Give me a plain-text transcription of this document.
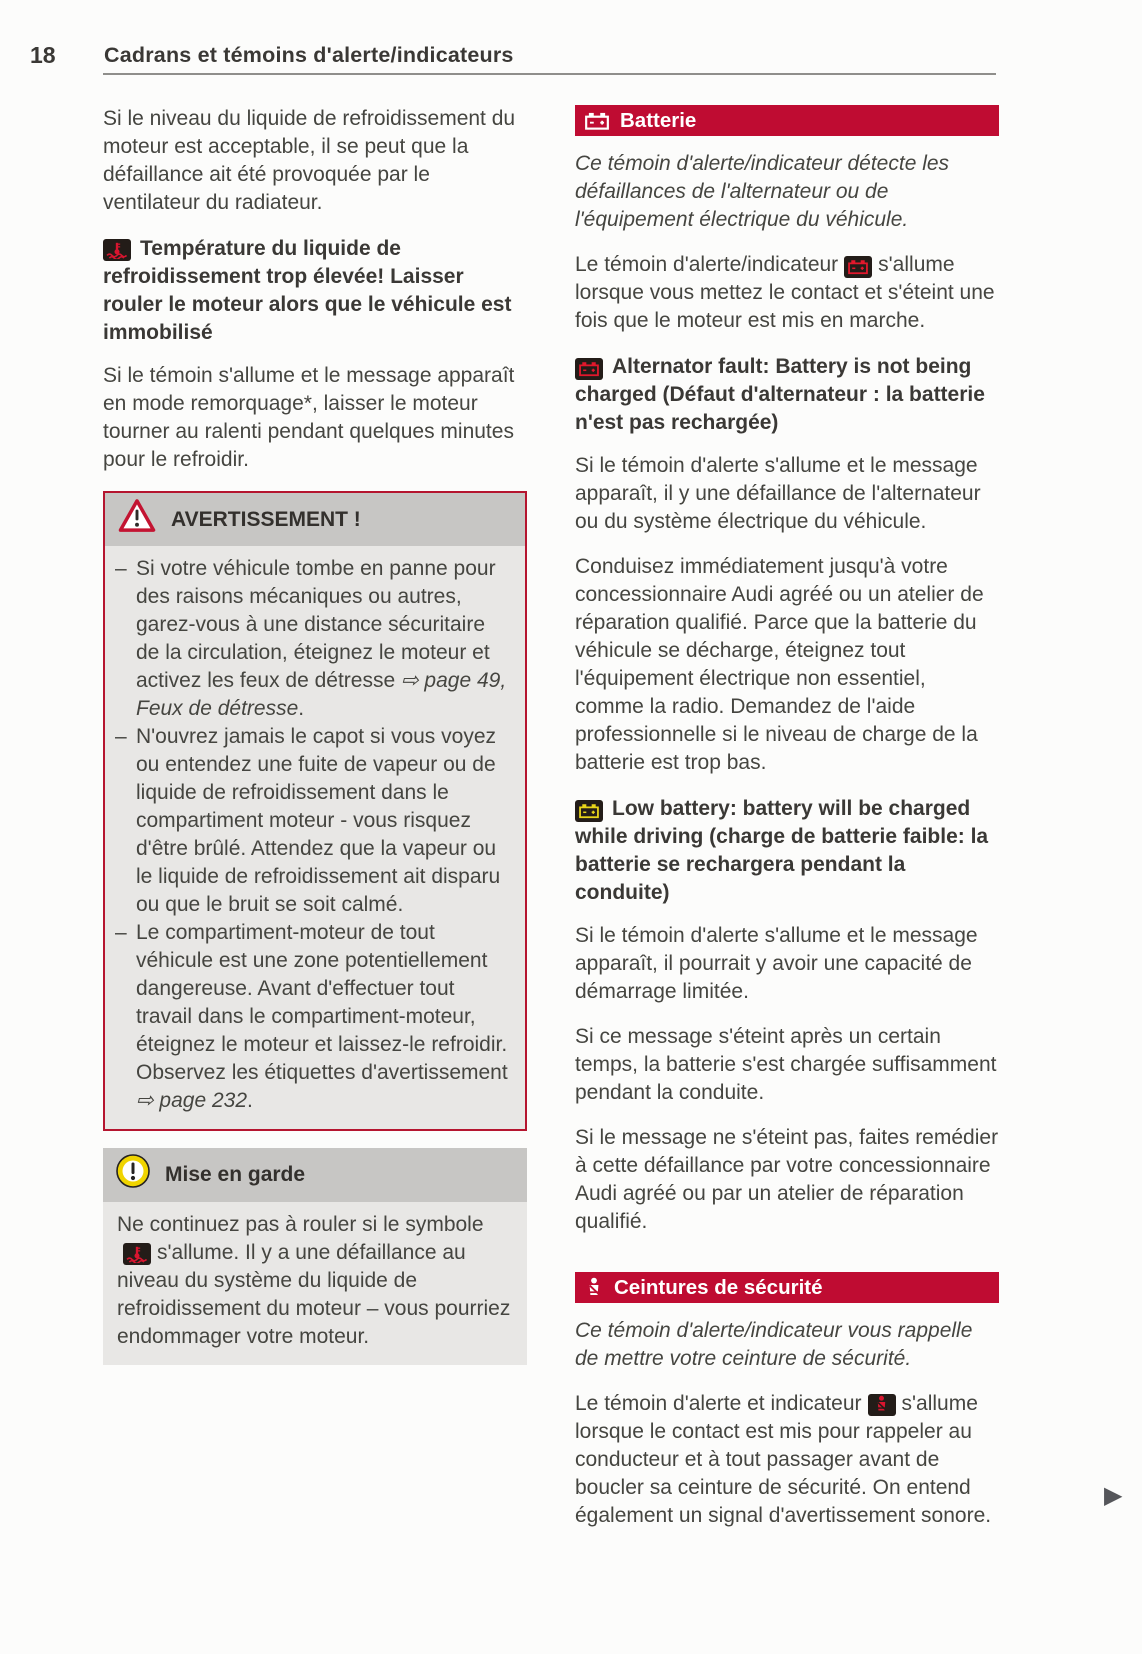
18 Cadrans et témoins d'alerte/indicateurs

Si le niveau du liquide de refroidissement du moteur est acceptable, il se peut que la défaillance ait été provoquée par le ventilateur du radiateur.

Température du liquide de refroidissement trop élevée! Laisser rouler le moteur alors que le véhicule est immobilisé

Si le témoin s'allume et le message apparaît en mode remorquage*, laisser le moteur tourner au ralenti pendant quelques minutes pour le refroidir.

AVERTISSEMENT !
– Si votre véhicule tombe en panne pour des raisons mécaniques ou autres, garez-vous à une distance sécuritaire de la circulation, éteignez le moteur et activez les feux de détresse ⇨ page 49, Feux de détresse.
– N'ouvrez jamais le capot si vous voyez ou entendez une fuite de vapeur ou de liquide de refroidissement dans le compartiment moteur - vous risquez d'être brûlé. Attendez que la vapeur ou le liquide de refroidissement ait disparu ou que le bruit se soit calmé.
– Le compartiment-moteur de tout véhicule est une zone potentiellement dangereuse. Avant d'effectuer tout travail dans le compartiment-moteur, éteignez le moteur et laissez-le refroidir. Observez les étiquettes d'avertissement ⇨ page 232.
Mise en garde
Ne continuez pas à rouler si le symbole
s'allume. Il y a une défaillance au niveau du système du liquide de refroidissement du moteur – vous pourriez endommager votre moteur.
Batterie

Ce témoin d'alerte/indicateur détecte les défaillances de l'alternateur ou de l'équipement électrique du véhicule.

Le témoin d'alerte/indicateur s'allume lorsque vous mettez le contact et s'éteint une fois que le moteur est mis en marche.

Alternator fault: Battery is not being charged (Défaut d'alternateur : la batterie n'est pas rechargée)

Si le témoin d'alerte s'allume et le message apparaît, il y une défaillance de l'alternateur ou du système électrique du véhicule.

Conduisez immédiatement jusqu'à votre concessionnaire Audi agréé ou un atelier de réparation qualifié. Parce que la batterie du véhicule se décharge, éteignez tout l'équipement électrique non essentiel, comme la radio. Demandez de l'aide professionnelle si le niveau de charge de la batterie est trop bas.

Low battery: battery will be charged while driving (charge de batterie faible: la batterie se rechargera pendant la conduite)

Si le témoin d'alerte s'allume et le message apparaît, il pourrait y avoir une capacité de démarrage limitée.

Si ce message s'éteint après un certain temps, la batterie s'est chargée suffisamment pendant la conduite.

Si le message ne s'éteint pas, faites remédier à cette défaillance par votre concessionnaire Audi agréé ou par un atelier de réparation qualifié.

Ceintures de sécurité

Ce témoin d'alerte/indicateur vous rappelle de mettre votre ceinture de sécurité.

Le témoin d'alerte et indicateur s'allume lorsque le contact est mis pour rappeler au conducteur et à tout passager avant de boucler sa ceinture de sécurité. On entend également un signal d'avertissement sonore.

▶
